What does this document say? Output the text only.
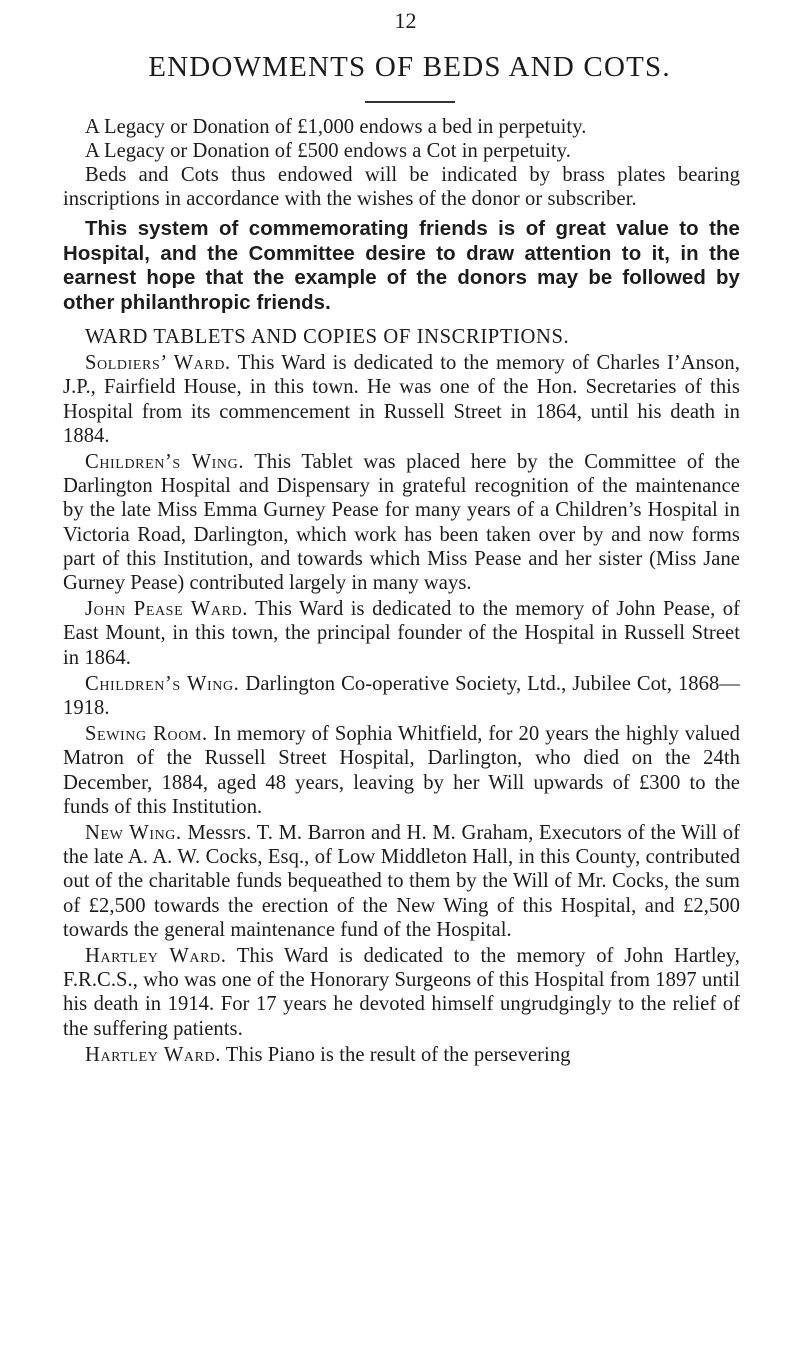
12
ENDOWMENTS OF BEDS AND COTS.

A Legacy or Donation of £1,000 endows a bed in perpetuity.

A Legacy or Donation of £500 endows a Cot in perpetuity.

Beds and Cots thus endowed will be indicated by brass plates bearing inscriptions in accordance with the wishes of the donor or subscriber.

This system of commemorating friends is of great value to the Hospital, and the Committee desire to draw attention to it, in the earnest hope that the example of the donors may be followed by other philanthropic friends.

WARD TABLETS AND COPIES OF INSCRIPTIONS.

Soldiers’ Ward. This Ward is dedicated to the memory of Charles I’Anson, J.P., Fairfield House, in this town. He was one of the Hon. Secretaries of this Hospital from its commencement in Russell Street in 1864, until his death in 1884.

Children’s Wing. This Tablet was placed here by the Committee of the Darlington Hospital and Dispensary in grateful recognition of the maintenance by the late Miss Emma Gurney Pease for many years of a Children’s Hospital in Victoria Road, Darlington, which work has been taken over by and now forms part of this Institution, and towards which Miss Pease and her sister (Miss Jane Gurney Pease) contributed largely in many ways.

John Pease Ward. This Ward is dedicated to the memory of John Pease, of East Mount, in this town, the principal founder of the Hospital in Russell Street in 1864.

Children’s Wing. Darlington Co-operative Society, Ltd., Jubilee Cot, 1868—1918.

Sewing Room. In memory of Sophia Whitfield, for 20 years the highly valued Matron of the Russell Street Hospital, Darlington, who died on the 24th December, 1884, aged 48 years, leaving by her Will upwards of £300 to the funds of this Institution.

New Wing. Messrs. T. M. Barron and H. M. Graham, Executors of the Will of the late A. A. W. Cocks, Esq., of Low Middleton Hall, in this County, contributed out of the charitable funds bequeathed to them by the Will of Mr. Cocks, the sum of £2,500 towards the erection of the New Wing of this Hospital, and £2,500 towards the general maintenance fund of the Hospital.

Hartley Ward. This Ward is dedicated to the memory of John Hartley, F.R.C.S., who was one of the Honorary Surgeons of this Hospital from 1897 until his death in 1914. For 17 years he devoted himself ungrudgingly to the relief of the suffering patients.

Hartley Ward. This Piano is the result of the persevering
